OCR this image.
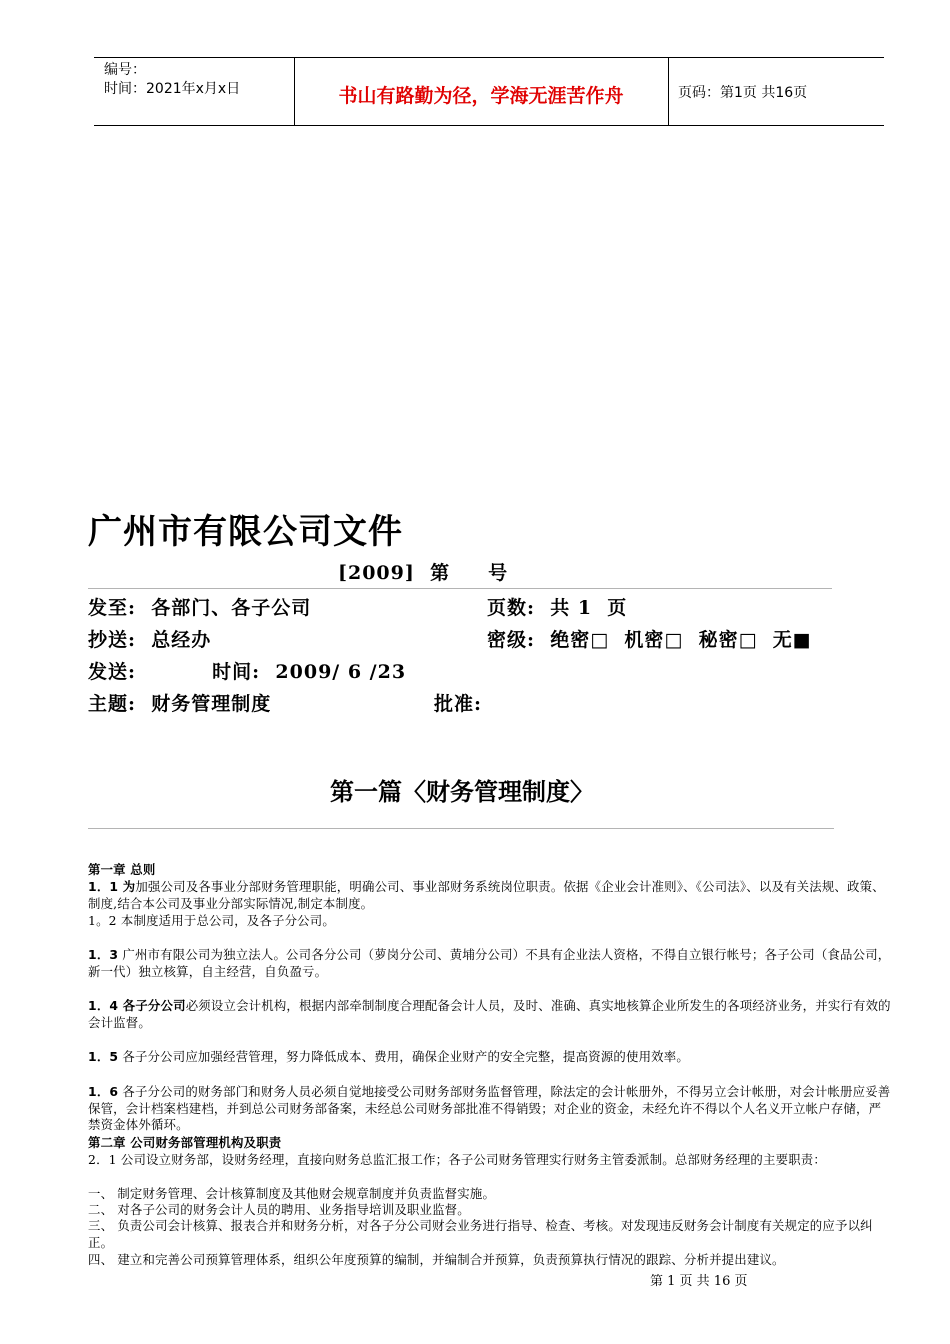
编号：
时间：2021年x月x日	书山有路勤为径，学海无涯苦作舟	页码：第1页 共16页
广州市有限公司文件
[2009]  第     号
发至:  各部门、各子公司	页数:  共 1  页
抄送:  总经办	密级:  绝密□  机密□  秘密□  无■
发送:          时间:  2009/ 6 /23
主题:  财务管理制度	批准:
第一篇〈财务管理制度〉
第一章 总则
1．1 为加强公司及各事业分部财务管理职能，明确公司、事业部财务系统岗位职责。依据《企业会计准则》、《公司法》、以及有关法规、政策、制度,结合本公司及事业分部实际情况,制定本制度。
1。2 本制度适用于总公司，及各子分公司。
1．3 广州市有限公司为独立法人。公司各分公司（萝岗分公司、黄埔分公司）不具有企业法人资格，不得自立银行帐号；各子公司（食品公司，新一代）独立核算，自主经营，自负盈亏。
1．4 各子分公司必须设立会计机构，根据内部牵制制度合理配备会计人员，及时、准确、真实地核算企业所发生的各项经济业务，并实行有效的会计监督。
1．5 各子分公司应加强经营管理，努力降低成本、费用，确保企业财产的安全完整，提高资源的使用效率。
1．6 各子分公司的财务部门和财务人员必须自觉地接受公司财务部财务监督管理，除法定的会计帐册外，不得另立会计帐册，对会计帐册应妥善保管，会计档案档建档，并到总公司财务部备案，未经总公司财务部批准不得销毁；对企业的资金，未经允许不得以个人名义开立帐户存储，严禁资金体外循环。
第二章 公司财务部管理机构及职责
2．1 公司设立财务部，设财务经理，直接向财务总监汇报工作；各子公司财务管理实行财务主管委派制。总部财务经理的主要职责：
一、 制定财务管理、会计核算制度及其他财会规章制度并负责监督实施。
二、 对各子公司的财务会计人员的聘用、业务指导培训及职业监督。
三、 负责公司会计核算、报表合并和财务分析，对各子分公司财会业务进行指导、检查、考核。对发现违反财务会计制度有关规定的应予以纠正。
四、 建立和完善公司预算管理体系，组织公年度预算的编制，并编制合并预算，负责预算执行情况的跟踪、分析并提出建议。
第 1 页 共 16 页
